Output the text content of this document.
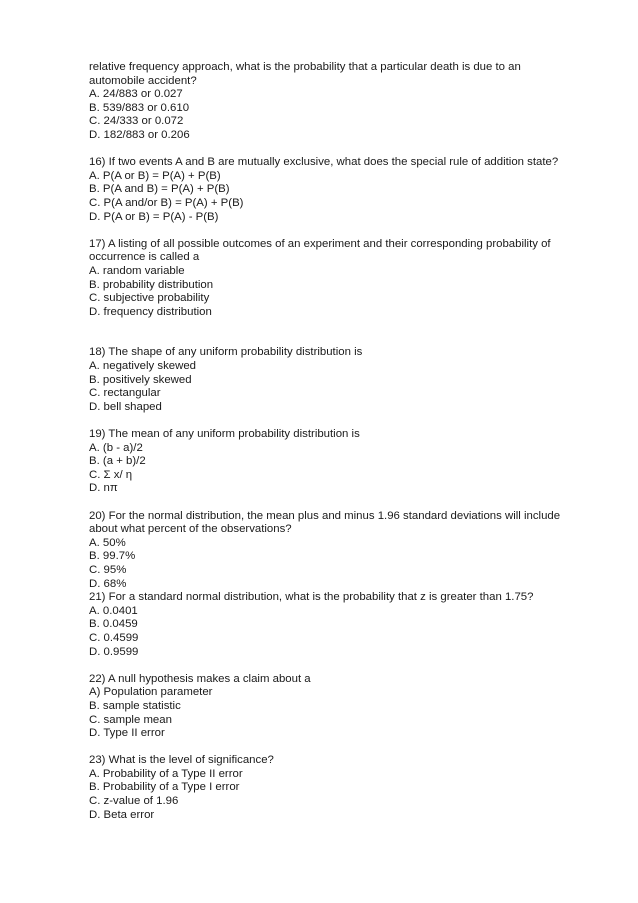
relative frequency approach, what is the probability that a particular death is due to an
automobile accident?
A. 24/883 or 0.027
B. 539/883 or 0.610
C. 24/333 or 0.072
D. 182/883 or 0.206
16) If two events A and B are mutually exclusive, what does the special rule of addition state?
A. P(A or B) = P(A) + P(B)
B. P(A and B) = P(A) + P(B)
C. P(A and/or B) = P(A) + P(B)
D. P(A or B) = P(A) - P(B)
17) A listing of all possible outcomes of an experiment and their corresponding probability of
occurrence is called a
A. random variable
B. probability distribution
C. subjective probability
D. frequency distribution
18) The shape of any uniform probability distribution is
A. negatively skewed
B. positively skewed
C. rectangular
D. bell shaped
19) The mean of any uniform probability distribution is
A. (b - a)/2
B. (a + b)/2
C. Σ x/ η
D. nπ
20) For the normal distribution, the mean plus and minus 1.96 standard deviations will include
about what percent of the observations?
A. 50%
B. 99.7%
C. 95%
D. 68%
21) For a standard normal distribution, what is the probability that z is greater than 1.75?
A. 0.0401
B. 0.0459
C. 0.4599
D. 0.9599
22) A null hypothesis makes a claim about a
A) Population parameter
B. sample statistic
C. sample mean
D. Type II error
23) What is the level of significance?
A. Probability of a Type II error
B. Probability of a Type I error
C. z-value of 1.96
D. Beta error
